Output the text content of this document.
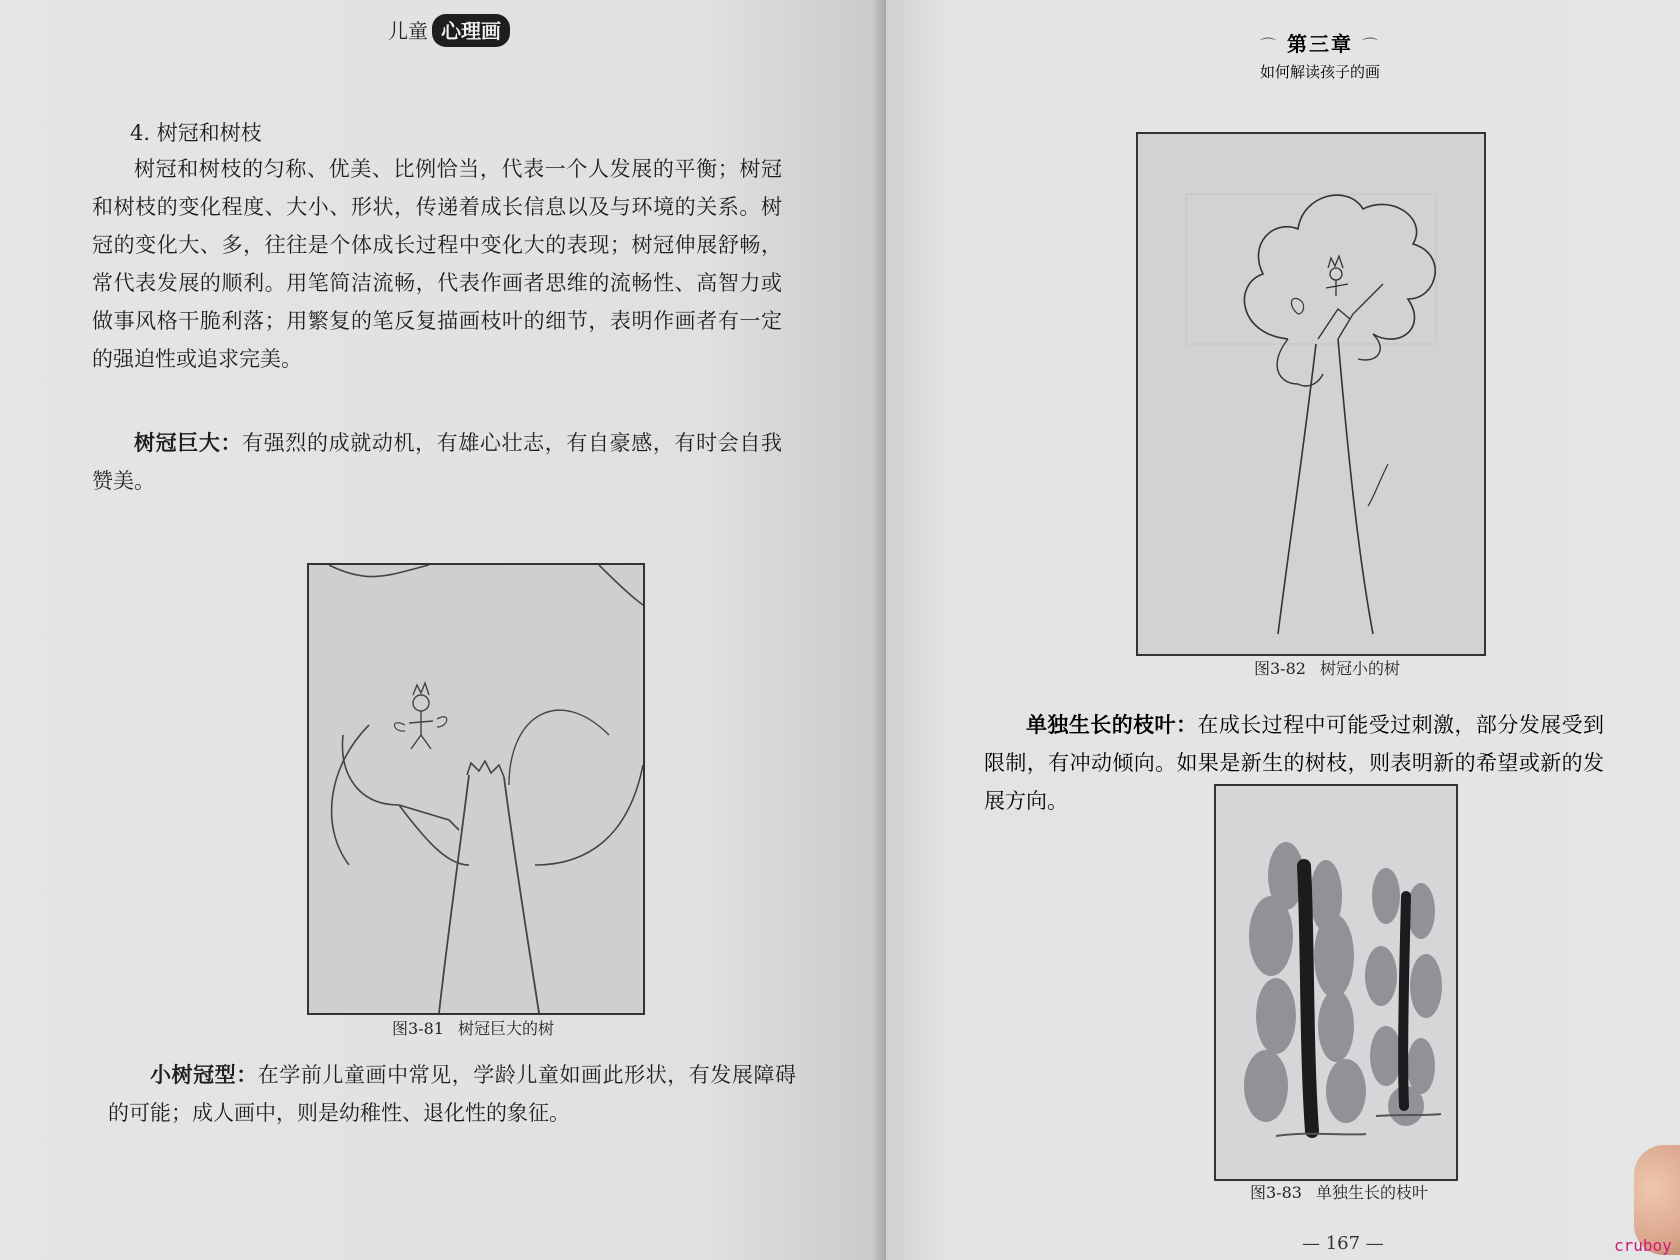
儿童 心理画
4. 树冠和树枝
树冠和树枝的匀称、优美、比例恰当，代表一个人发展的平衡；树冠和树枝的变化程度、大小、形状，传递着成长信息以及与环境的关系。树冠的变化大、多，往往是个体成长过程中变化大的表现；树冠伸展舒畅，常代表发展的顺利。用笔简洁流畅，代表作画者思维的流畅性、高智力或做事风格干脆利落；用繁复的笔反复描画枝叶的细节，表明作画者有一定的强迫性或追求完美。
树冠巨大：有强烈的成就动机，有雄心壮志，有自豪感，有时会自我赞美。
图3-81 树冠巨大的树
小树冠型：在学前儿童画中常见，学龄儿童如画此形状，有发展障碍的可能；成人画中，则是幼稚性、退化性的象征。
⌒ 第三章 ⌒
如何解读孩子的画
图3-82 树冠小的树
单独生长的枝叶：在成长过程中可能受过刺激，部分发展受到限制，有冲动倾向。如果是新生的树枝，则表明新的希望或新的发展方向。
图3-83 单独生长的枝叶
— 167 —	cruboy
